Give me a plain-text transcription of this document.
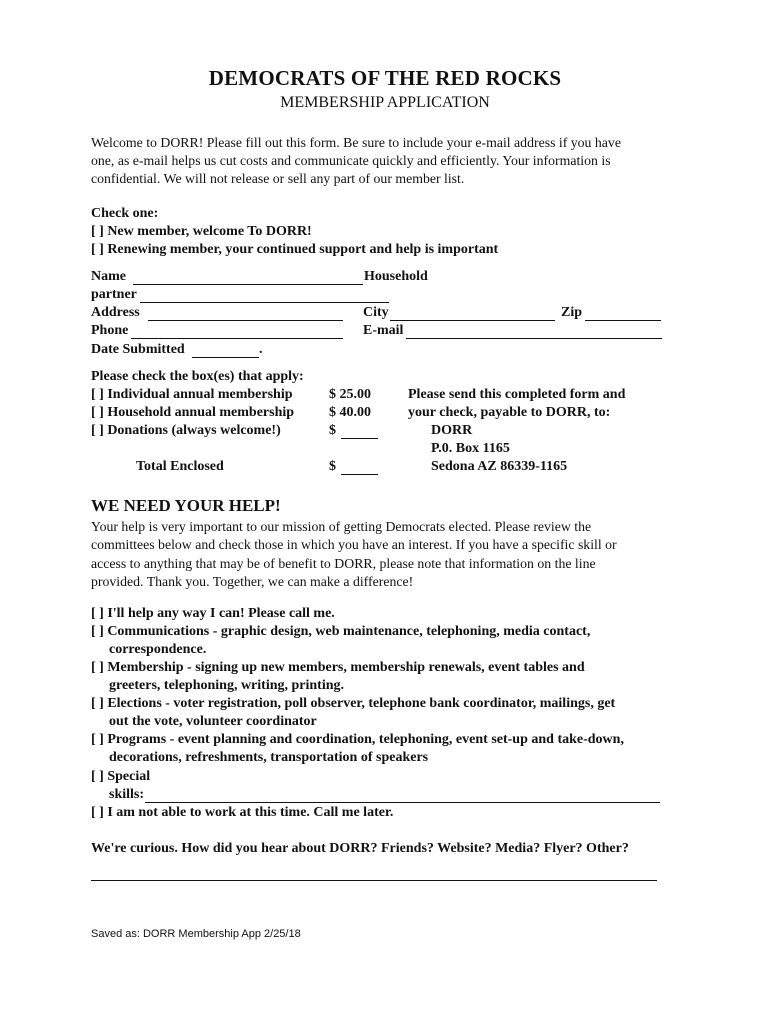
DEMOCRATS OF THE RED ROCKS
MEMBERSHIP APPLICATION
Welcome to DORR! Please fill out this form. Be sure to include your e-mail address if you have
one, as e-mail helps us cut costs and communicate quickly and efficiently. Your information is
confidential. We will not release or sell any part of our member list.
Check one:
[ ] New member, welcome To DORR!
[ ] Renewing member, your continued support and help is important
Name	Household
partner
Address	City	Zip
Phone	E-mail
Date Submitted	.
Please check the box(es) that apply:
[ ] Individual annual membership	$ 25.00
[ ] Household annual membership $ 40.00
[ ] Donations (always welcome!)	$
Total Enclosed	$
Please send this completed form and
your check, payable to DORR, to:
DORR
P.0. Box 1165
Sedona AZ 86339-1165
WE NEED YOUR HELP!
Your help is very important to our mission of getting Democrats elected. Please review the
committees below and check those in which you have an interest. If you have a specific skill or
access to anything that may be of benefit to DORR, please note that information on the line
provided. Thank you. Together, we can make a difference!
[ ] I'll help any way I can! Please call me.
[ ] Communications - graphic design, web maintenance, telephoning, media contact,
correspondence.
[ ] Membership - signing up new members, membership renewals, event tables and
greeters, telephoning, writing, printing.
[ ] Elections - voter registration, poll observer, telephone bank coordinator, mailings, get
out the vote, volunteer coordinator
[ ] Programs - event planning and coordination, telephoning, event set-up and take-down,
decorations, refreshments, transportation of speakers
[ ] Special
skills:
[ ] I am not able to work at this time. Call me later.
We're curious. How did you hear about DORR? Friends? Website? Media? Flyer? Other?
Saved as: DORR Membership App 2/25/18
